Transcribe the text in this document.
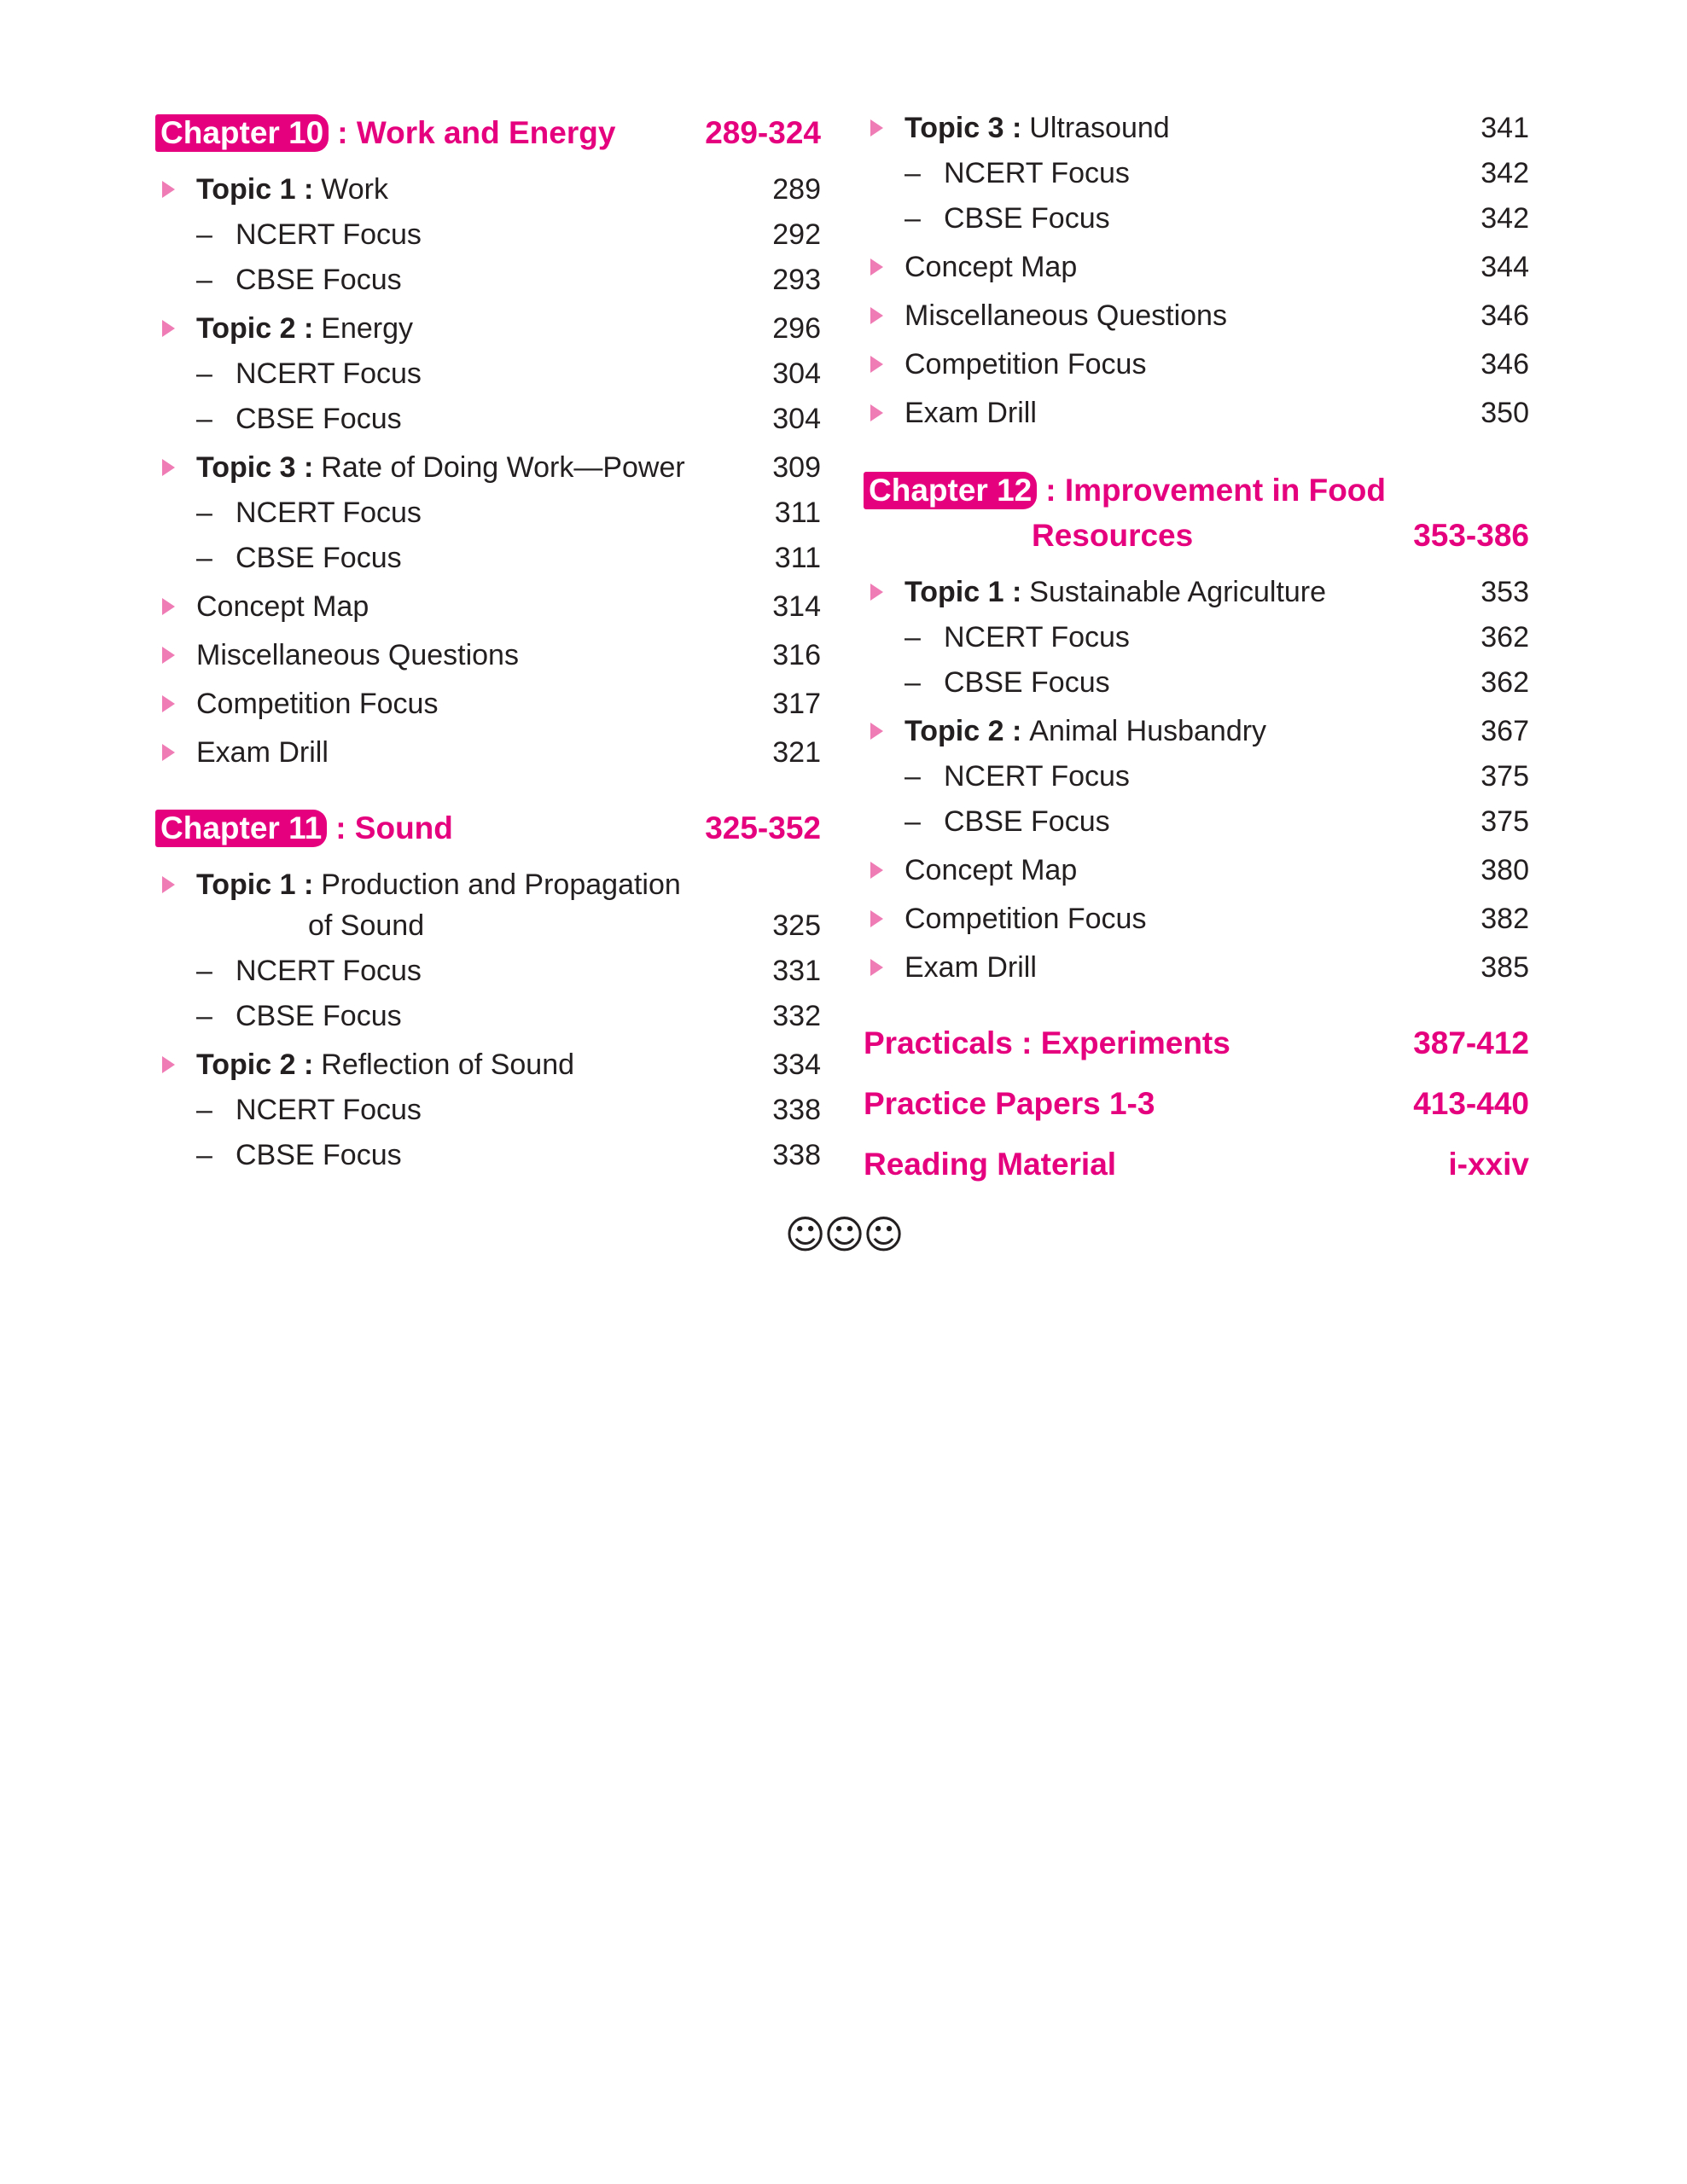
Chapter 10 : Work and Energy	289-324
Topic 1 : Work	289
– NCERT Focus	292
– CBSE Focus	293
Topic 2 : Energy	296
– NCERT Focus	304
– CBSE Focus	304
Topic 3 : Rate of Doing Work—Power	309
– NCERT Focus	311
– CBSE Focus	311
Concept Map	314
Miscellaneous Questions	316
Competition Focus	317
Exam Drill	321
Chapter 11 : Sound	325-352
Topic 1 : Production and Propagation
of Sound	325
– NCERT Focus	331
– CBSE Focus	332
Topic 2 : Reflection of Sound	334
– NCERT Focus	338
– CBSE Focus	338
Topic 3 : Ultrasound	341
– NCERT Focus	342
– CBSE Focus	342
Concept Map	344
Miscellaneous Questions	346
Competition Focus	346
Exam Drill	350
Chapter 12 : Improvement in Food
Resources	353-386
Topic 1 : Sustainable Agriculture	353
– NCERT Focus	362
– CBSE Focus	362
Topic 2 : Animal Husbandry	367
– NCERT Focus	375
– CBSE Focus	375
Concept Map	380
Competition Focus	382
Exam Drill	385
Practicals : Experiments	387-412
Practice Papers 1-3	413-440
Reading Material	i-xxiv
☺☺☺
